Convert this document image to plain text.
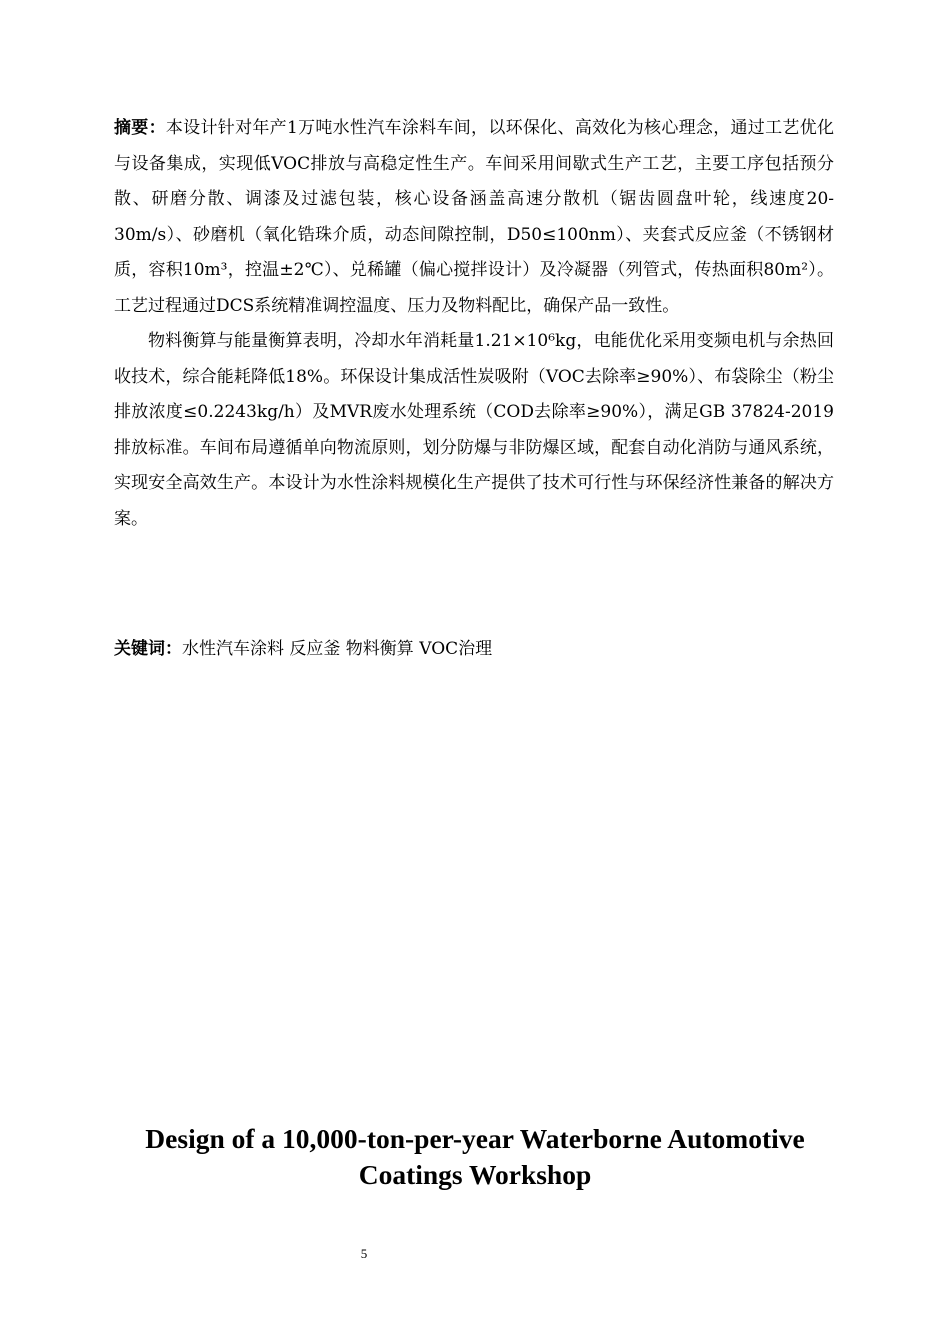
摘要：本设计针对年产1万吨水性汽车涂料车间，以环保化、高效化为核心理念，通过工艺优化与设备集成，实现低VOC排放与高稳定性生产。车间采用间歇式生产工艺，主要工序包括预分散、研磨分散、调漆及过滤包装，核心设备涵盖高速分散机（锯齿圆盘叶轮，线速度20-30m/s）、砂磨机（氧化锆珠介质，动态间隙控制，D50≤100nm）、夹套式反应釜（不锈钢材质，容积10m³，控温±2℃）、兑稀罐（偏心搅拌设计）及冷凝器（列管式，传热面积80m²）。工艺过程通过DCS系统精准调控温度、压力及物料配比，确保产品一致性。

物料衡算与能量衡算表明，冷却水年消耗量1.21×10⁶kg，电能优化采用变频电机与余热回收技术，综合能耗降低18%。环保设计集成活性炭吸附（VOC去除率≥90%）、布袋除尘（粉尘排放浓度≤0.2243kg/h）及MVR废水处理系统（COD去除率≥90%），满足GB 37824-2019排放标准。车间布局遵循单向物流原则，划分防爆与非防爆区域，配套自动化消防与通风系统，实现安全高效生产。本设计为水性涂料规模化生产提供了技术可行性与环保经济性兼备的解决方案。

关键词：水性汽车涂料 反应釜 物料衡算 VOC治理
Design of a 10,000-ton-per-year Waterborne Automotive
Coatings Workshop
5
